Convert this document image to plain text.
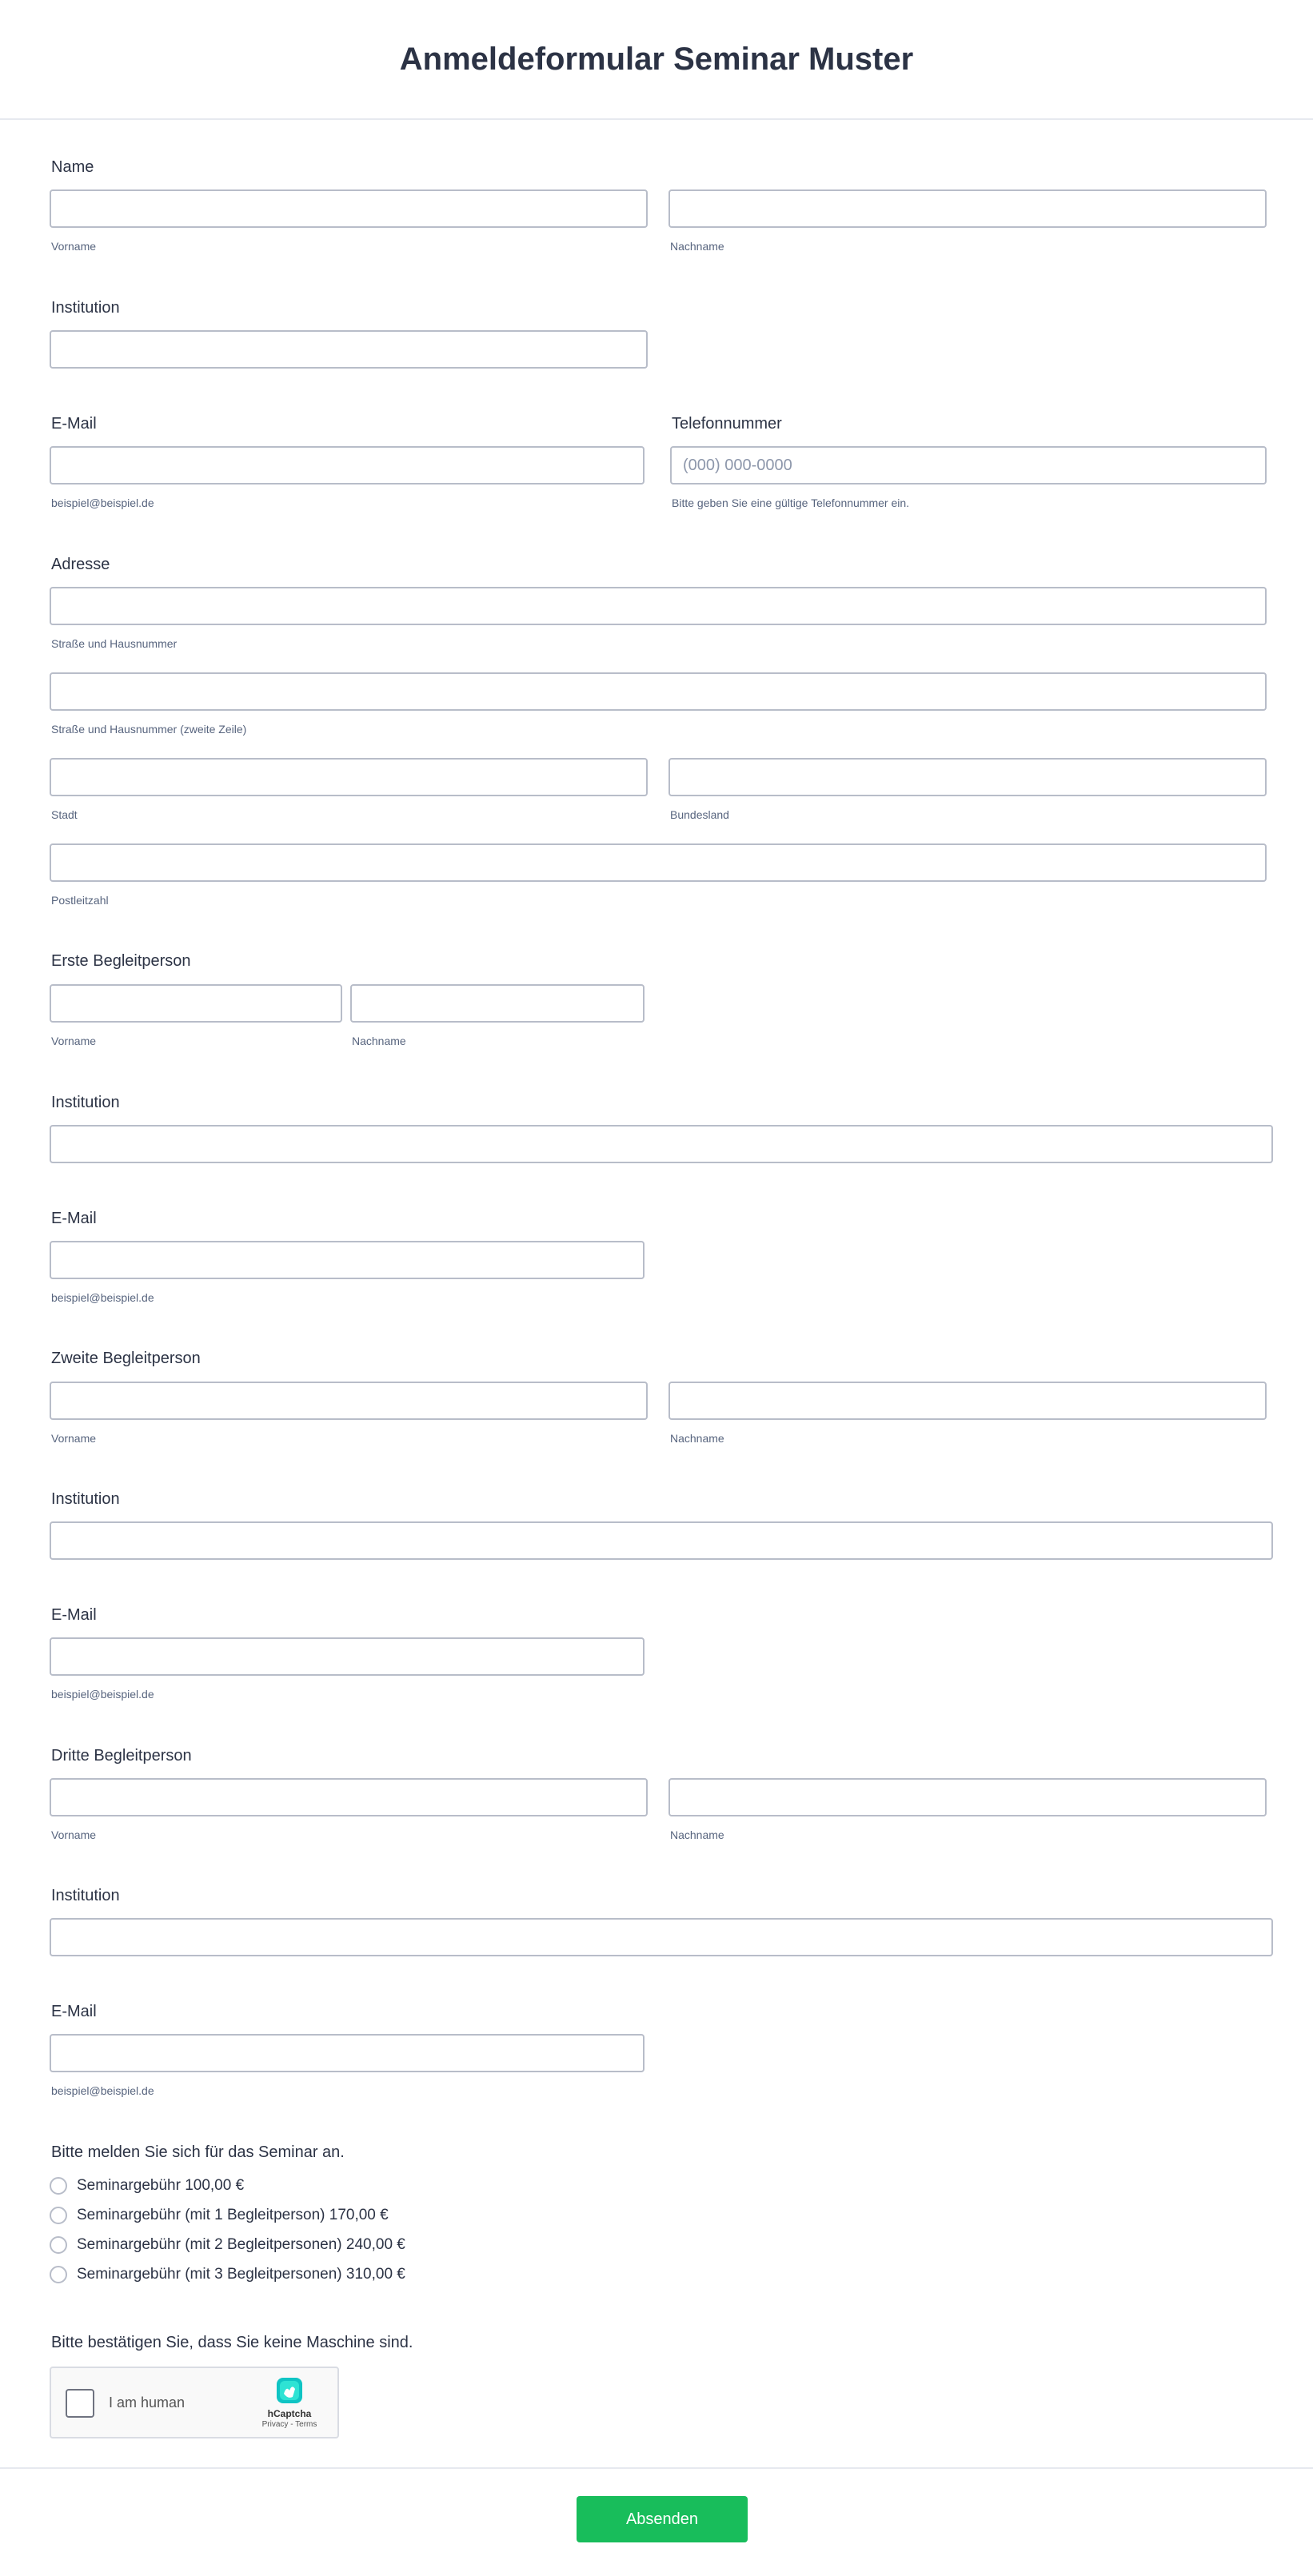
Anmeldeformular Seminar Muster
Name
Vorname	Nachname
Institution
E-Mail
beispiel@beispiel.de
Telefonnummer
(000) 000-0000
Bitte geben Sie eine gültige Telefonnummer ein.
Adresse
Straße und Hausnummer
Straße und Hausnummer (zweite Zeile)
Stadt	Bundesland
Postleitzahl
Erste Begleitperson
Vorname	Nachname
Institution
E-Mail
beispiel@beispiel.de
Zweite Begleitperson
Vorname	Nachname
Institution
E-Mail
beispiel@beispiel.de
Dritte Begleitperson
Vorname	Nachname
Institution
E-Mail
beispiel@beispiel.de
Bitte melden Sie sich für das Seminar an.
Seminargebühr 100,00 €
Seminargebühr (mit 1 Begleitperson) 170,00 €
Seminargebühr (mit 2 Begleitpersonen) 240,00 €
Seminargebühr (mit 3 Begleitpersonen) 310,00 €
Bitte bestätigen Sie, dass Sie keine Maschine sind.
I am human
hCaptcha
Privacy - Terms
Absenden
